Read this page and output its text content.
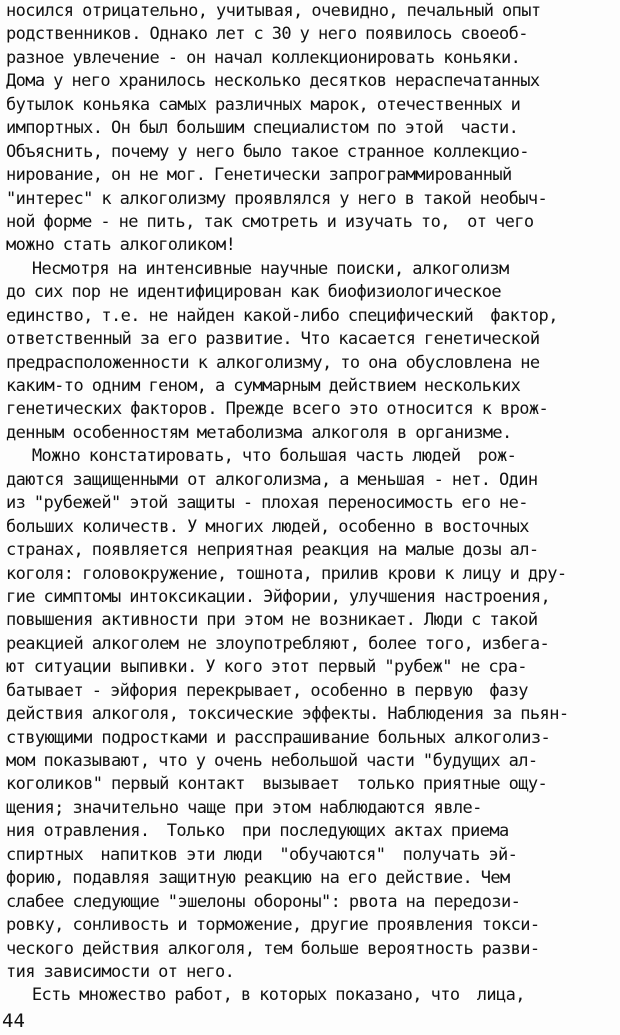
носился отрицательно, учитывая, очевидно, печальный опыт
родственников. Однако лет с 30 у него появилось своеоб-
разное увлечение - он начал коллекционировать коньяки.
Дома у него хранилось несколько десятков нераспечатанных
бутылок коньяка самых различных марок, отечественных и
импортных. Он был большим специалистом по этой  части.
Объяснить, почему у него было такое странное коллекцио-
нирование, он не мог. Генетически запрограммированный
"интерес" к алкоголизму проявлялся у него в такой необыч-
ной форме - не пить, так смотреть и изучать то,  от чего
можно стать алкоголиком!
Несмотря на интенсивные научные поиски, алкоголизм
до сих пор не идентифицирован как биофизиологическое
единство, т.е. не найден какой-либо специфический  фактор,
ответственный за его развитие. Что касается генетической
предрасположенности к алкоголизму, то она обусловлена не
каким-то одним геном, а суммарным действием нескольких
генетических факторов. Прежде всего это относится к врож-
денным особенностям метаболизма алкоголя в организме.
Можно констатировать, что большая часть людей  рож-
даются защищенными от алкоголизма, а меньшая - нет. Один
из "рубежей" этой защиты - плохая переносимость его не-
больших количеств. У многих людей, особенно в восточных
странах, появляется неприятная реакция на малые дозы ал-
коголя: головокружение, тошнота, прилив крови к лицу и дру-
гие симптомы интоксикации. Эйфории, улучшения настроения,
повышения активности при этом не возникает. Люди с такой
реакцией алкоголем не злоупотребляют, более того, избега-
ют ситуации выпивки. У кого этот первый "рубеж" не сра-
батывает - эйфория перекрывает, особенно в первую  фазу
действия алкоголя, токсические эффекты. Наблюдения за пьян-
ствующими подростками и расспрашивание больных алкоголиз-
мом показывают, что у очень небольшой части "будущих ал-
коголиков" первый контакт  вызывает  только приятные ощу-
щения; значительно чаще при этом наблюдаются явле-
ния отравления.  Только  при последующих актах приема
спиртных  напитков эти люди  "обучаются"  получать эй-
форию, подавляя защитную реакцию на его действие. Чем
слабее следующие "эшелоны обороны": рвота на передози-
ровку, сонливость и торможение, другие проявления токси-
ческого действия алкоголя, тем больше вероятность разви-
тия зависимости от него.
Есть множество работ, в которых показано, что  лица,
44
